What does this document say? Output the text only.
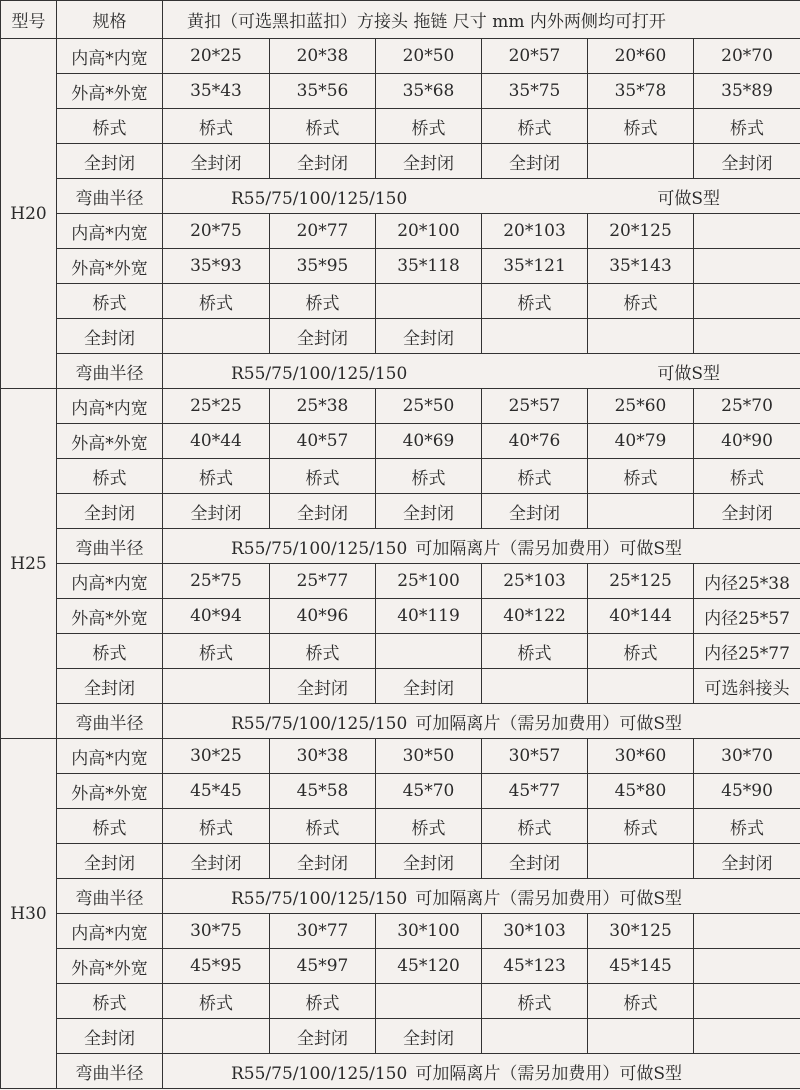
型号	规格	黄扣（可选黑扣蓝扣）方接头 拖链 尺寸 mm 内外两侧均可打开					
H20	内高*内宽	20*25	20*38	20*50	20*57	20*60	20*70
	外高*外宽	35*43	35*56	35*68	35*75	35*78	35*89
	桥式	桥式	桥式	桥式	桥式	桥式	桥式
	全封闭	全封闭	全封闭	全封闭	全封闭		全封闭
	弯曲半径	R55/75/100/125/150 可做S型					
	内高*内宽	20*75	20*77	20*100	20*103	20*125	
	外高*外宽	35*93	35*95	35*118	35*121	35*143	
	桥式	桥式	桥式		桥式	桥式	
	全封闭		全封闭	全封闭			
	弯曲半径	R55/75/100/125/150 可做S型					
H25	内高*内宽	25*25	25*38	25*50	25*57	25*60	25*70
	外高*外宽	40*44	40*57	40*69	40*76	40*79	40*90
	桥式	桥式	桥式	桥式	桥式	桥式	桥式
	全封闭	全封闭	全封闭	全封闭	全封闭		全封闭
	弯曲半径	R55/75/100/125/150 可加隔离片（需另加费用）可做S型					
	内高*内宽	25*75	25*77	25*100	25*103	25*125	内径25*38
	外高*外宽	40*94	40*96	40*119	40*122	40*144	内径25*57
	桥式	桥式	桥式		桥式	桥式	内径25*77
	全封闭		全封闭	全封闭			可选斜接头
	弯曲半径	R55/75/100/125/150 可加隔离片（需另加费用）可做S型					
H30	内高*内宽	30*25	30*38	30*50	30*57	30*60	30*70
	外高*外宽	45*45	45*58	45*70	45*77	45*80	45*90
	桥式	桥式	桥式	桥式	桥式	桥式	桥式
	全封闭	全封闭	全封闭	全封闭	全封闭		全封闭
	弯曲半径	R55/75/100/125/150 可加隔离片（需另加费用）可做S型					
	内高*内宽	30*75	30*77	30*100	30*103	30*125	
	外高*外宽	45*95	45*97	45*120	45*123	45*145	
	桥式	桥式	桥式		桥式	桥式	
	全封闭		全封闭	全封闭			
	弯曲半径	R55/75/100/125/150 可加隔离片（需另加费用）可做S型					
